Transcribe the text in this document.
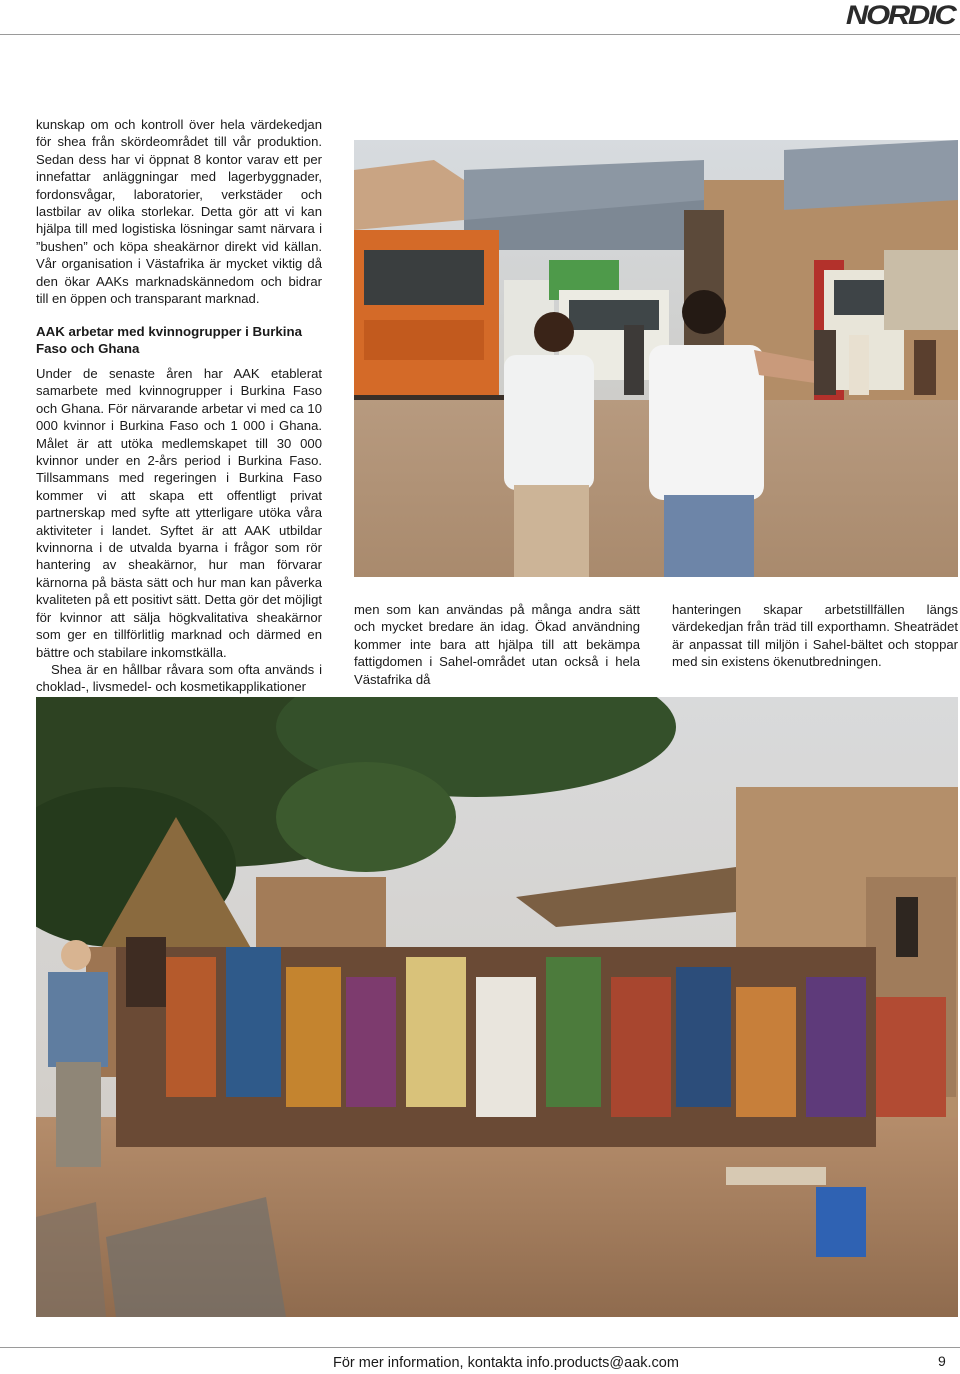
NORDIC

kunskap om och kontroll över hela värdekedjan för shea från skördeområdet till vår produktion. Sedan dess har vi öppnat 8 kontor varav ett per innefattar anläggningar med lagerbyggnader, fordonsvågar, laboratorier, verkstäder och lastbilar av olika storlekar. Detta gör att vi kan hjälpa till med logistiska lösningar samt närvara i ”bushen” och köpa sheakärnor direkt vid källan. Vår organisation i Västafrika är mycket viktig då den ökar AAKs marknadskännedom och bidrar till en öppen och transparant marknad.

AAK arbetar med kvinnogrupper i Burkina Faso och Ghana

Under de senaste åren har AAK etablerat samarbete med kvinnogrupper i Burkina Faso och Ghana. För närvarande arbetar vi med ca 10 000 kvinnor i Burkina Faso och 1 000 i Ghana. Målet är att utöka medlemskapet till 30 000 kvinnor under en 2-års period i Burkina Faso. Tillsammans med regeringen i Burkina Faso kommer vi att skapa ett offentligt privat partnerskap med syfte att ytterligare utöka våra aktiviteter i landet. Syftet är att AAK utbildar kvinnorna i de utvalda byarna i frågor som rör hantering av sheakärnor, hur man förvarar kärnorna på bästa sätt och hur man kan påverka kvaliteten på ett positivt sätt. Detta gör det möjligt för kvinnor att sälja högkvalitativa sheakärnor som ger en tillförlitlig marknad och därmed en bättre och stabilare inkomstkälla.

Shea är en hållbar råvara som ofta används i choklad-, livsmedel- och kosmetikapplikationer

men som kan användas på många andra sätt och mycket bredare än idag. Ökad användning kommer inte bara att hjälpa till att bekämpa fattigdomen i Sahel-området utan också i hela Västafrika då

hanteringen skapar arbetstillfällen längs värdekedjan från träd till exporthamn. Sheaträdet är anpassat till miljön i Sahel-bältet och stoppar med sin existens ökenutbredningen.

För mer information, kontakta info.products@aak.com	9
